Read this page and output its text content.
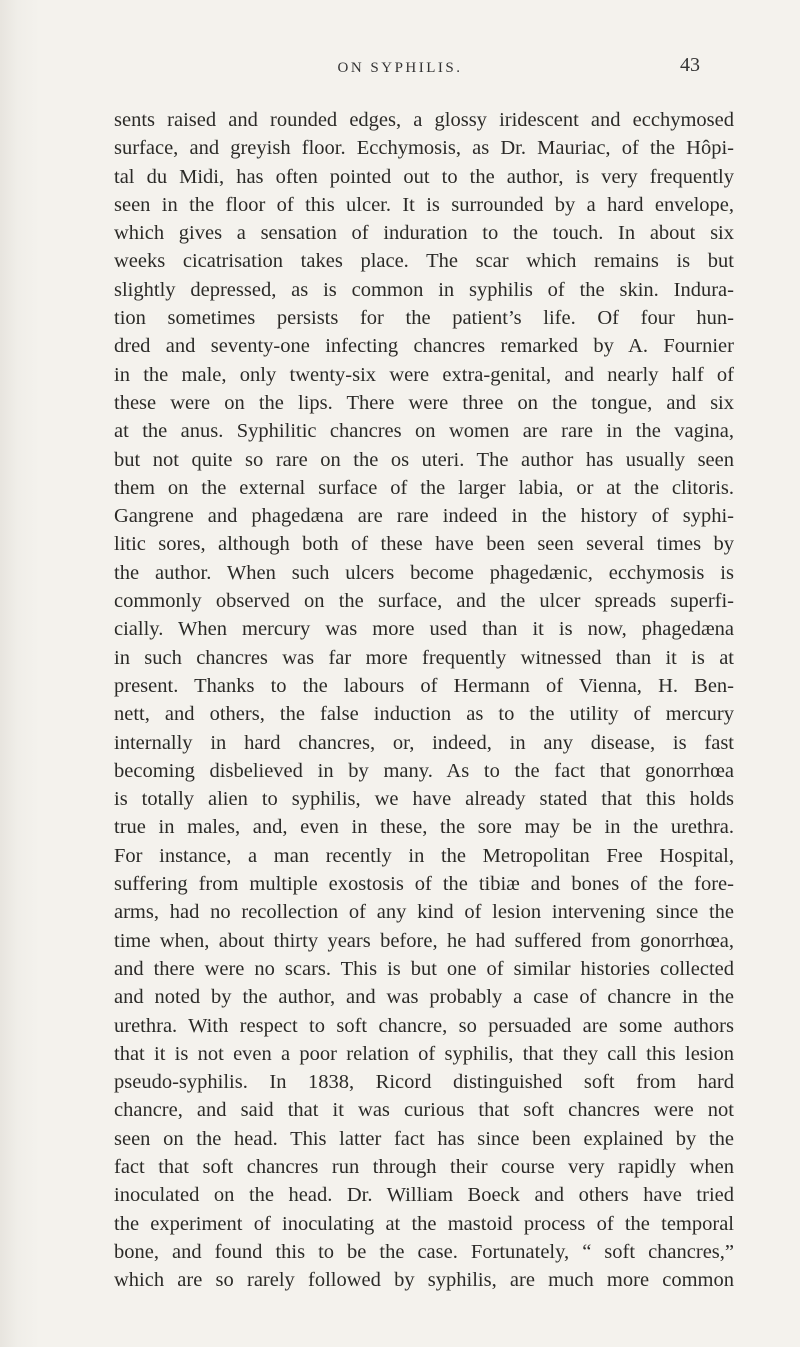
ON SYPHILIS.	43
sents raised and rounded edges, a glossy iridescent and ecchymosed
surface, and greyish floor. Ecchymosis, as Dr. Mauriac, of the Hôpi-
tal du Midi, has often pointed out to the author, is very frequently
seen in the floor of this ulcer. It is surrounded by a hard envelope,
which gives a sensation of induration to the touch. In about six
weeks cicatrisation takes place. The scar which remains is but
slightly depressed, as is common in syphilis of the skin. Indura-
tion sometimes persists for the patient’s life. Of four hun-
dred and seventy-one infecting chancres remarked by A. Fournier
in the male, only twenty-six were extra-genital, and nearly half of
these were on the lips. There were three on the tongue, and six
at the anus. Syphilitic chancres on women are rare in the vagina,
but not quite so rare on the os uteri. The author has usually seen
them on the external surface of the larger labia, or at the clitoris.
Gangrene and phagedæna are rare indeed in the history of syphi-
litic sores, although both of these have been seen several times by
the author. When such ulcers become phagedænic, ecchymosis is
commonly observed on the surface, and the ulcer spreads superfi-
cially. When mercury was more used than it is now, phagedæna
in such chancres was far more frequently witnessed than it is at
present. Thanks to the labours of Hermann of Vienna, H. Ben-
nett, and others, the false induction as to the utility of mercury
internally in hard chancres, or, indeed, in any disease, is fast
becoming disbelieved in by many. As to the fact that gonorrhœa
is totally alien to syphilis, we have already stated that this holds
true in males, and, even in these, the sore may be in the urethra.
For instance, a man recently in the Metropolitan Free Hospital,
suffering from multiple exostosis of the tibiæ and bones of the fore-
arms, had no recollection of any kind of lesion intervening since the
time when, about thirty years before, he had suffered from gonorrhœa,
and there were no scars. This is but one of similar histories collected
and noted by the author, and was probably a case of chancre in the
urethra. With respect to soft chancre, so persuaded are some authors
that it is not even a poor relation of syphilis, that they call this lesion
pseudo-syphilis. In 1838, Ricord distinguished soft from hard
chancre, and said that it was curious that soft chancres were not
seen on the head. This latter fact has since been explained by the
fact that soft chancres run through their course very rapidly when
inoculated on the head. Dr. William Boeck and others have tried
the experiment of inoculating at the mastoid process of the temporal
bone, and found this to be the case. Fortunately, “ soft chancres,”
which are so rarely followed by syphilis, are much more common
